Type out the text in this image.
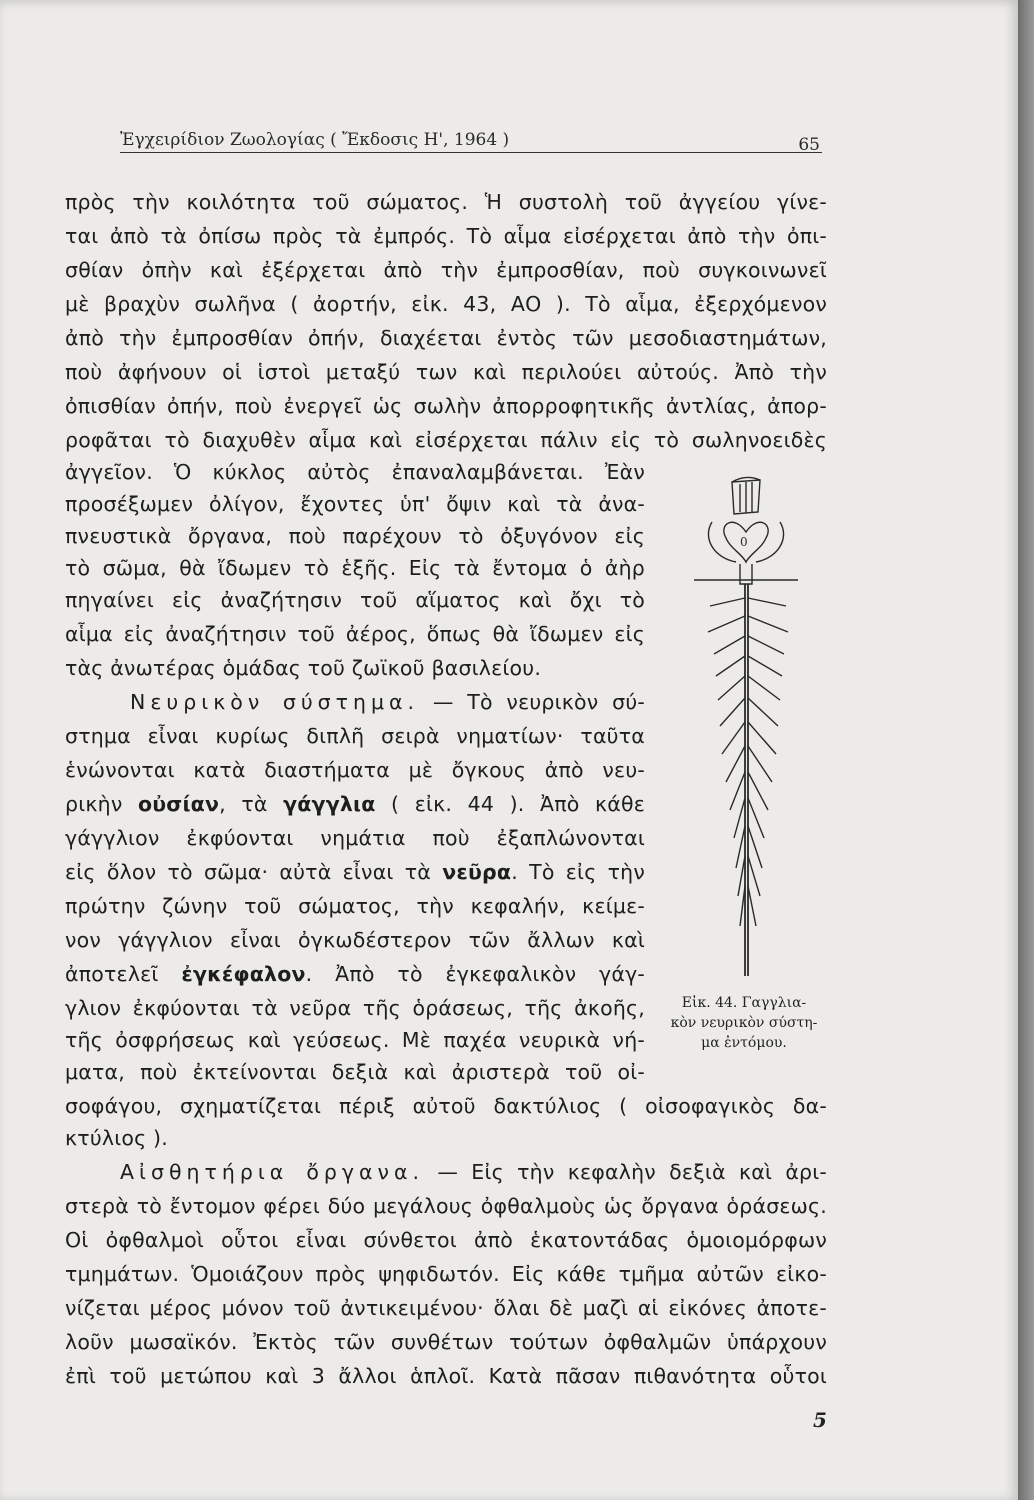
Ἐγχειρίδιον Ζωολογίας ( Ἔκδοσις Η', 1964 )	65
πρὸς τὴν κοιλότητα τοῦ σώματος. Ἡ συστολὴ τοῦ ἀγγείου γίνε-
ται ἀπὸ τὰ ὀπίσω πρὸς τὰ ἐμπρός. Τὸ αἷμα εἰσέρχεται ἀπὸ τὴν ὀπι-
σθίαν ὀπὴν καὶ ἐξέρχεται ἀπὸ τὴν ἐμπροσθίαν, ποὺ συγκοινωνεῖ
μὲ βραχὺν σωλῆνα ( ἀορτήν, εἰκ. 43, ΑΟ ). Τὸ αἷμα, ἐξερχόμενον
ἀπὸ τὴν ἐμπροσθίαν ὀπήν, διαχέεται ἐντὸς τῶν μεσοδιαστημάτων,
ποὺ ἀφήνουν οἱ ἱστοὶ μεταξύ των καὶ περιλούει αὐτούς. Ἀπὸ τὴν
ὀπισθίαν ὀπήν, ποὺ ἐνεργεῖ ὡς σωλὴν ἀπορροφητικῆς ἀντλίας, ἀπορ-
ροφᾶται τὸ διαχυθὲν αἷμα καὶ εἰσέρχεται πάλιν εἰς τὸ σωληνοειδὲς
ἀγγεῖον. Ὁ κύκλος αὐτὸς ἐπαναλαμβάνεται. Ἐὰν
προσέξωμεν ὀλίγον, ἔχοντες ὑπ' ὄψιν καὶ τὰ ἀνα-
πνευστικὰ ὄργανα, ποὺ παρέχουν τὸ ὀξυγόνον εἰς
τὸ σῶμα, θὰ ἴδωμεν τὸ ἑξῆς. Εἰς τὰ ἔντομα ὁ ἀὴρ
πηγαίνει εἰς ἀναζήτησιν τοῦ αἵματος καὶ ὄχι τὸ
αἷμα εἰς ἀναζήτησιν τοῦ ἀέρος, ὅπως θὰ ἴδωμεν εἰς
τὰς ἀνωτέρας ὁμάδας τοῦ ζωϊκοῦ βασιλείου.
Νευρικὸν σύστημα. — Τὸ νευρικὸν σύ-
στημα εἶναι κυρίως διπλῆ σειρὰ νηματίων· ταῦτα
ἑνώνονται κατὰ διαστήματα μὲ ὄγκους ἀπὸ νευ-
ρικὴν οὐσίαν, τὰ γάγγλια ( εἰκ. 44 ). Ἀπὸ κάθε
γάγγλιον ἐκφύονται νημάτια ποὺ ἐξαπλώνονται
εἰς ὅλον τὸ σῶμα· αὐτὰ εἶναι τὰ νεῦρα. Τὸ εἰς τὴν
πρώτην ζώνην τοῦ σώματος, τὴν κεφαλήν, κείμε-
νον γάγγλιον εἶναι ὀγκωδέστερον τῶν ἄλλων καὶ
ἀποτελεῖ ἐγκέφαλον. Ἀπὸ τὸ ἐγκεφαλικὸν γάγ-
γλιον ἐκφύονται τὰ νεῦρα τῆς ὁράσεως, τῆς ἀκοῆς,
τῆς ὀσφρήσεως καὶ γεύσεως. Μὲ παχέα νευρικὰ νή-
ματα, ποὺ ἐκτείνονται δεξιὰ καὶ ἀριστερὰ τοῦ οἰ-
σοφάγου, σχηματίζεται πέριξ αὐτοῦ δακτύλιος ( οἰσοφαγικὸς δα-
κτύλιος ).
Αἰσθητήρια ὄργανα. — Εἰς τὴν κεφαλὴν δεξιὰ καὶ ἀρι-
στερὰ τὸ ἔντομον φέρει δύο μεγάλους ὀφθαλμοὺς ὡς ὄργανα ὁράσεως.
Οἱ ὀφθαλμοὶ οὗτοι εἶναι σύνθετοι ἀπὸ ἑκατοντάδας ὁμοιομόρφων
τμημάτων. Ὁμοιάζουν πρὸς ψηφιδωτόν. Εἰς κάθε τμῆμα αὐτῶν εἰκο-
νίζεται μέρος μόνον τοῦ ἀντικειμένου· ὅλαι δὲ μαζὶ αἱ εἰκόνες ἀποτε-
λοῦν μωσαϊκόν. Ἐκτὸς τῶν συνθέτων τούτων ὀφθαλμῶν ὑπάρχουν
ἐπὶ τοῦ μετώπου καὶ 3 ἄλλοι ἁπλοῖ. Κατὰ πᾶσαν πιθανότητα οὗτοι
0
Εἰκ. 44. Γαγγλια-
κὸν νευρικὸν σύστη-
μα ἐντόμου.
5
